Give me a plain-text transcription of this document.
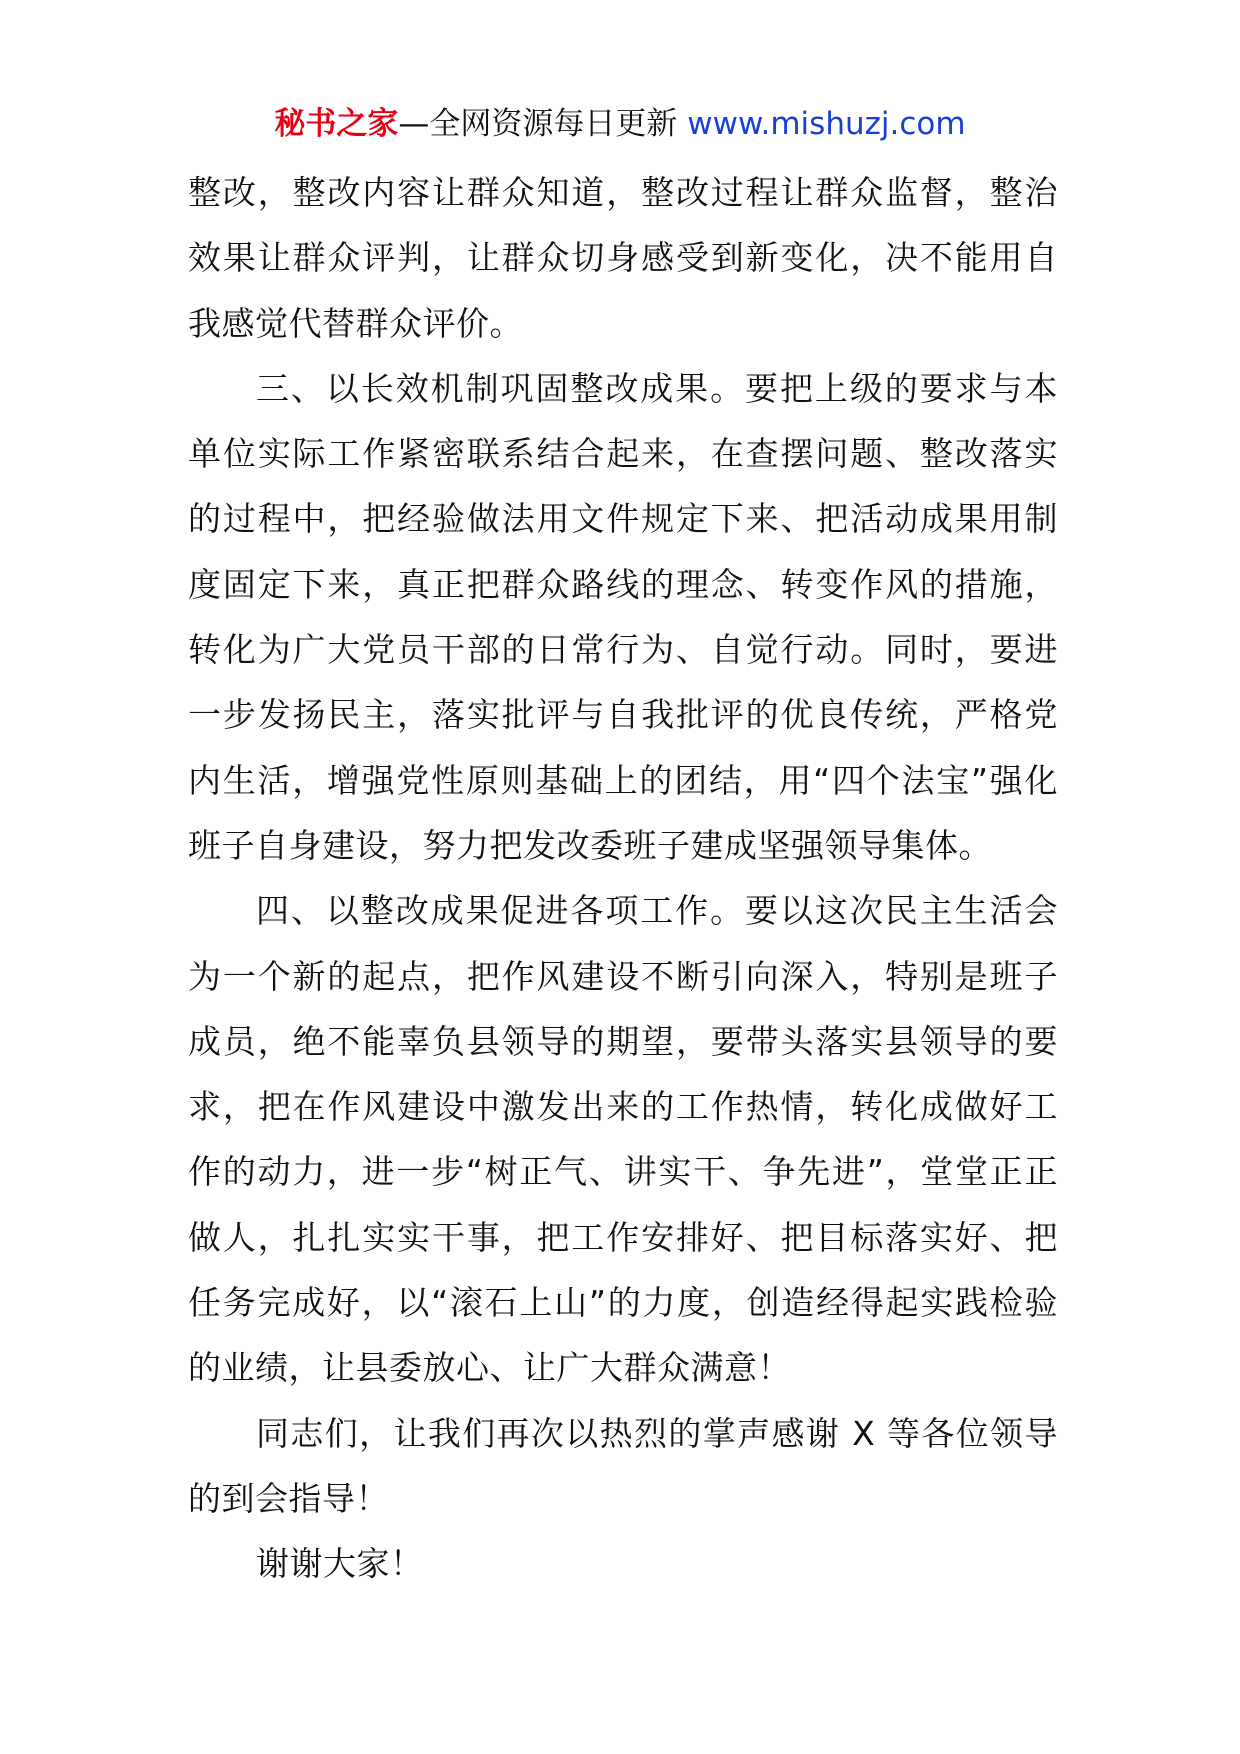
秘书之家—全网资源每日更新 www.mishuzj.com

整改，整改内容让群众知道，整改过程让群众监督，整治效果让群众评判，让群众切身感受到新变化，决不能用自我感觉代替群众评价。

三、以长效机制巩固整改成果。要把上级的要求与本单位实际工作紧密联系结合起来，在查摆问题、整改落实的过程中，把经验做法用文件规定下来、把活动成果用制度固定下来，真正把群众路线的理念、转变作风的措施，转化为广大党员干部的日常行为、自觉行动。同时，要进一步发扬民主，落实批评与自我批评的优良传统，严格党内生活，增强党性原则基础上的团结，用“四个法宝”强化班子自身建设，努力把发改委班子建成坚强领导集体。

四、以整改成果促进各项工作。要以这次民主生活会为一个新的起点，把作风建设不断引向深入，特别是班子成员，绝不能辜负县领导的期望，要带头落实县领导的要求，把在作风建设中激发出来的工作热情，转化成做好工作的动力，进一步“树正气、讲实干、争先进”，堂堂正正做人，扎扎实实干事，把工作安排好、把目标落实好、把任务完成好，以“滚石上山”的力度，创造经得起实践检验的业绩，让县委放心、让广大群众满意！

同志们，让我们再次以热烈的掌声感谢 X 等各位领导的到会指导！

谢谢大家！
